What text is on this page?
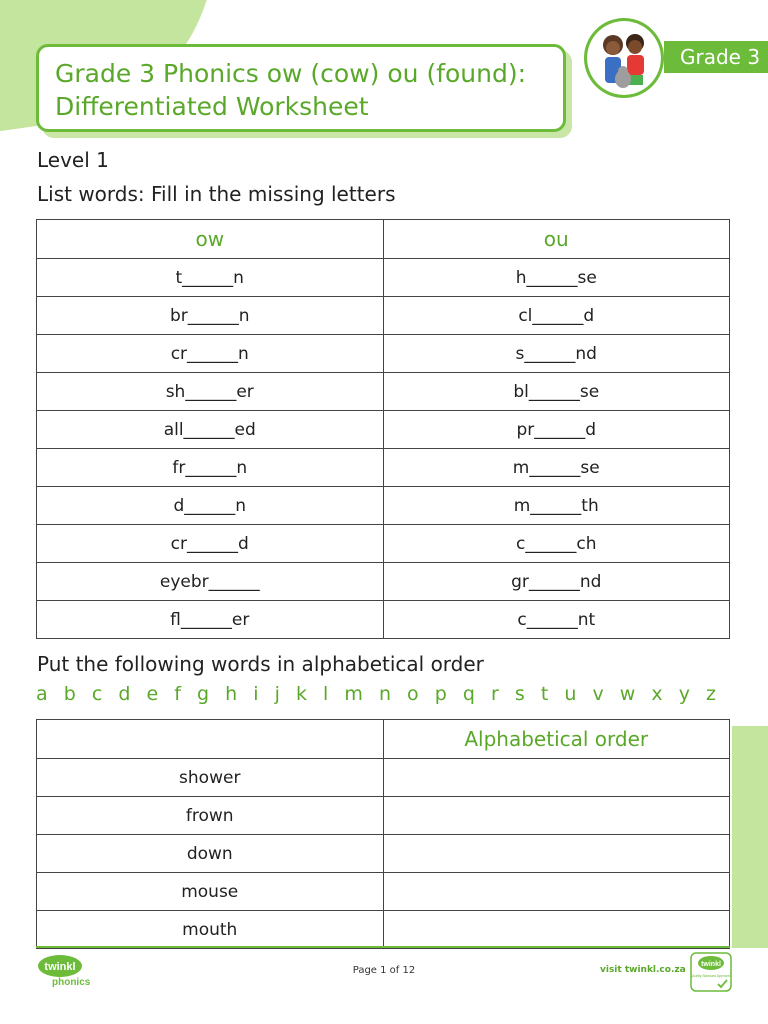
Grade 3 Phonics ow (cow) ou (found):
Differentiated Worksheet
Grade 3
Level 1
List words: Fill in the missing letters
ow	ou
t______n	h______se
br______n	cl______d
cr______n	s______nd
sh______er	bl______se
all______ed	pr______d
fr______n	m______se
d______n	m______th
cr______d	c______ch
eyebr______	gr______nd
fl______er	c______nt
Put the following words in alphabetical order
a b c d e f g h i j k l m n o p q r s t u v w x y z
	Alphabetical order
shower	
frown	
down	
mouse	
mouth	
twinkl
phonics
Page 1 of 12	visit twinkl.co.za
twinkl
Quality Standard Approved
